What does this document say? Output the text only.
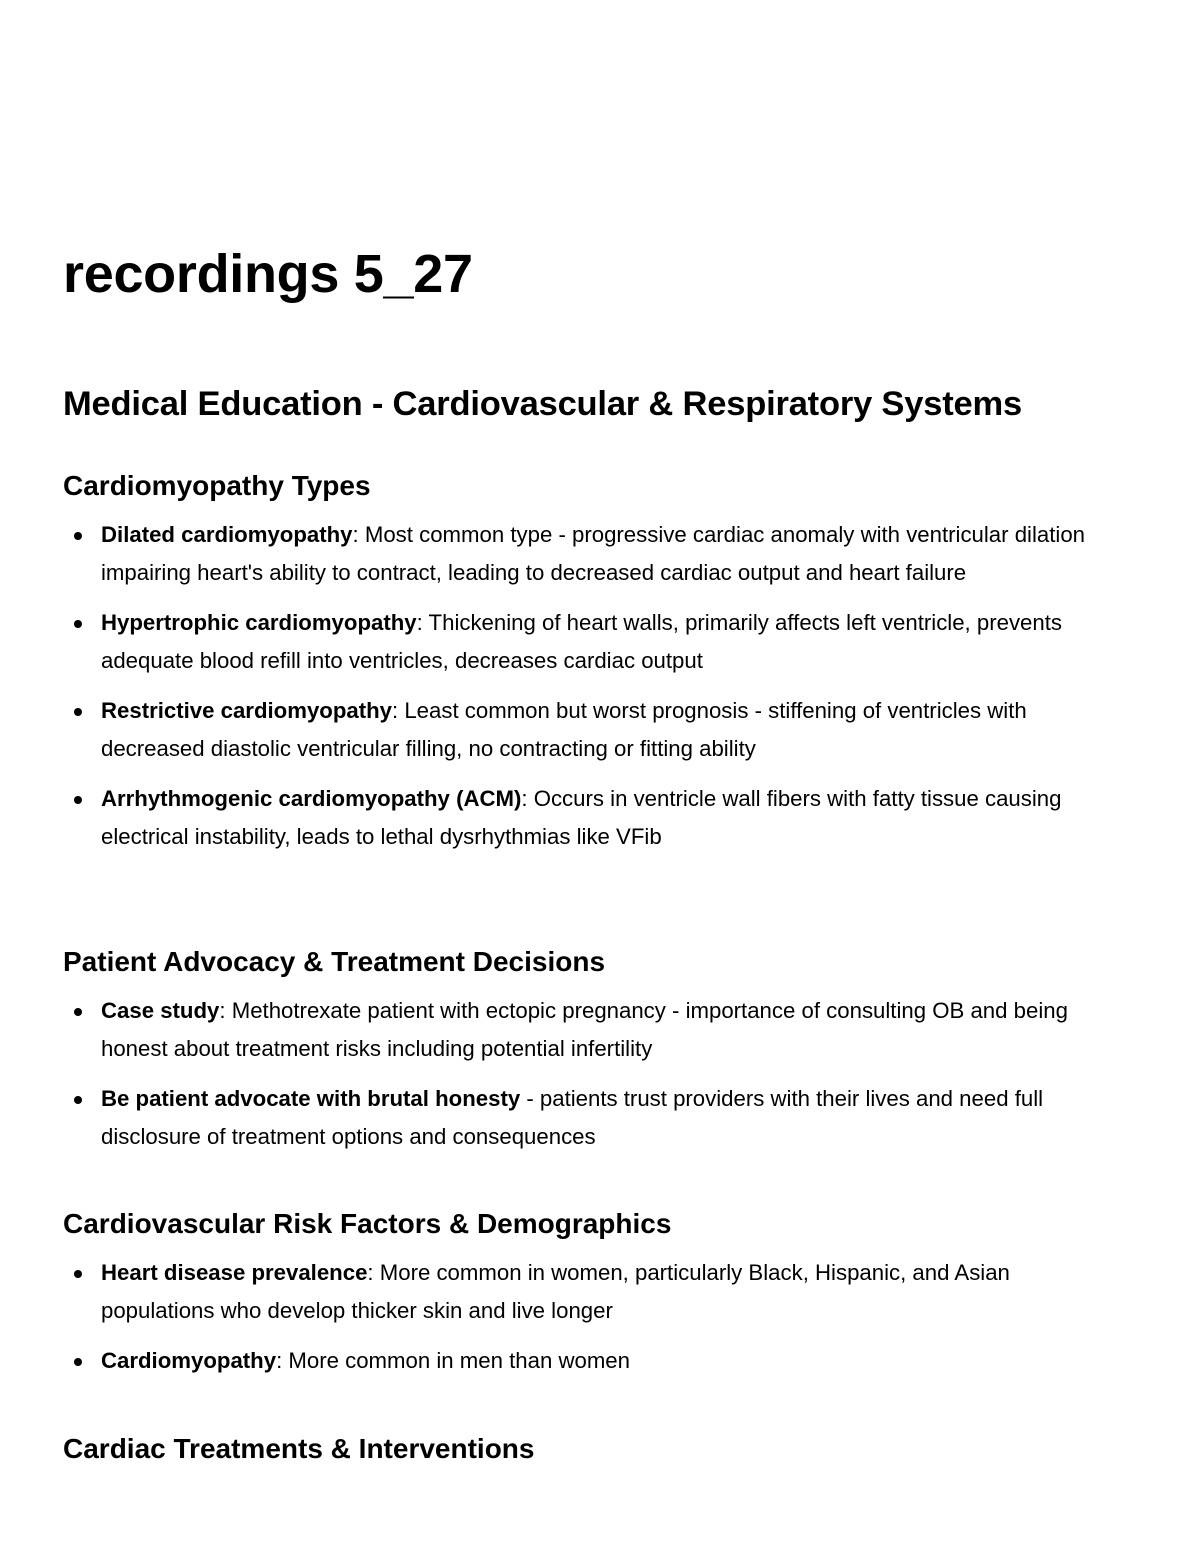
recordings 5_27
Medical Education - Cardiovascular & Respiratory Systems
Cardiomyopathy Types
Dilated cardiomyopathy: Most common type - progressive cardiac anomaly with ventricular dilation impairing heart's ability to contract, leading to decreased cardiac output and heart failure
Hypertrophic cardiomyopathy: Thickening of heart walls, primarily affects left ventricle, prevents adequate blood refill into ventricles, decreases cardiac output
Restrictive cardiomyopathy: Least common but worst prognosis - stiffening of ventricles with decreased diastolic ventricular filling, no contracting or fitting ability
Arrhythmogenic cardiomyopathy (ACM): Occurs in ventricle wall fibers with fatty tissue causing electrical instability, leads to lethal dysrhythmias like VFib
Patient Advocacy & Treatment Decisions
Case study: Methotrexate patient with ectopic pregnancy - importance of consulting OB and being honest about treatment risks including potential infertility
Be patient advocate with brutal honesty - patients trust providers with their lives and need full disclosure of treatment options and consequences
Cardiovascular Risk Factors & Demographics
Heart disease prevalence: More common in women, particularly Black, Hispanic, and Asian populations who develop thicker skin and live longer
Cardiomyopathy: More common in men than women
Cardiac Treatments & Interventions
